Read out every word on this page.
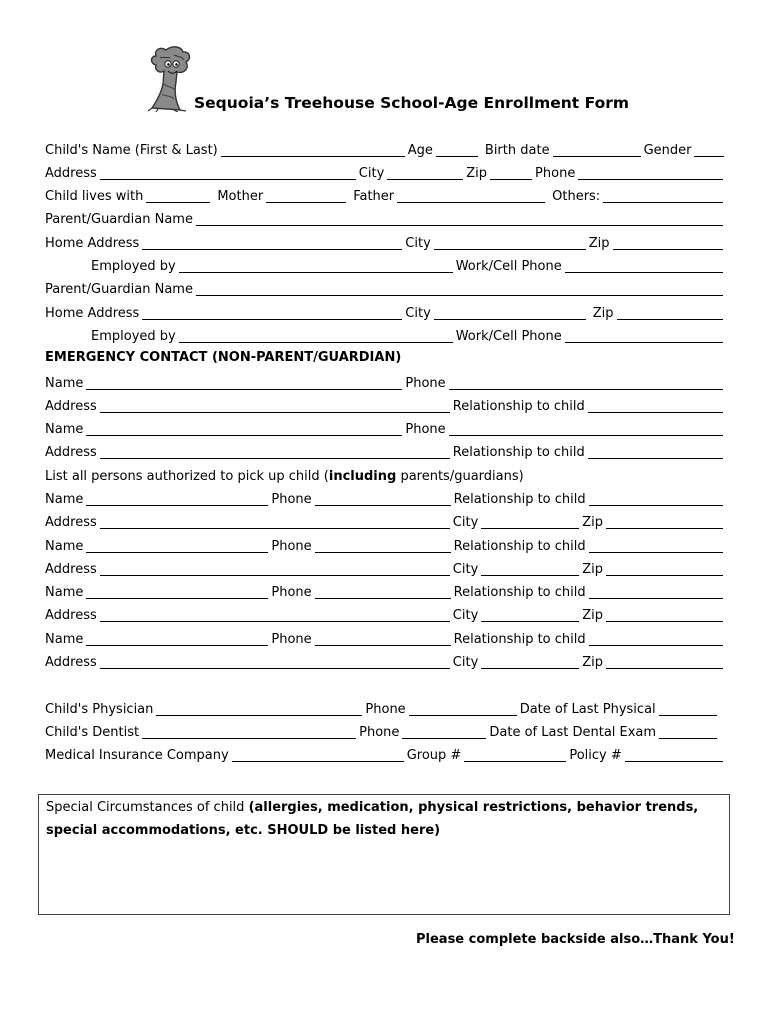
Sequoia’s Treehouse School-Age Enrollment Form
Child's Name (First & Last)	Age	Birth date	Gender
Address	City	Zip	Phone
Child lives with	Mother	Father	Others:
Parent/Guardian Name
Home Address	City	Zip
Employed by	Work/Cell Phone
Parent/Guardian Name
Home Address	City	Zip
Employed by	Work/Cell Phone
EMERGENCY CONTACT (NON-PARENT/GUARDIAN)
Name	Phone
Address	Relationship to child
Name	Phone
Address	Relationship to child
List all persons authorized to pick up child (including parents/guardians)
Name	Phone	Relationship to child
Address	City	Zip
Name	Phone	Relationship to child
Address	City	Zip
Name	Phone	Relationship to child
Address	City	Zip
Name	Phone	Relationship to child
Address	City	Zip
Child's Physician	Phone	Date of Last Physical
Child's Dentist	Phone	Date of Last Dental Exam
Medical Insurance Company	Group #	Policy #
Special Circumstances of child (allergies, medication, physical restrictions, behavior trends, special accommodations, etc. SHOULD be listed here)
Please complete backside also…Thank You!
